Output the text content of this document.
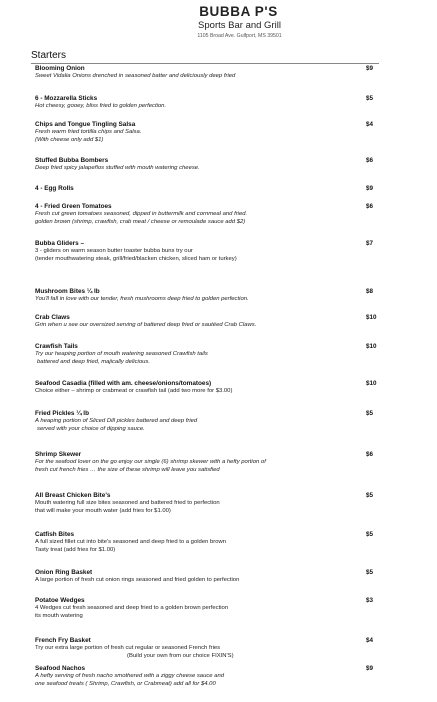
BUBBA P'S
Sports Bar and Grill
1105 Broad Ave. Gulfport, MS 39501
Starters
Blooming Onion
Sweet Vidalia Onions drenched in seasoned batter and deliciously deep fried
$9
6 - Mozzarella Sticks
Hot cheesy, gooey, bliss fried to golden perfection.
$5
Chips and Tongue Tingling Salsa
Fresh warm fried tortilla chips and Salsa.
(With cheese only add $1)
$4
Stuffed Bubba Bombers
Deep fried spicy jalapeños stuffed with mouth watering cheese.
$6
4 - Egg Rolls	$9
4 - Fried Green Tomatoes
Fresh cut green tomatoes seasoned, dipped in buttermilk and cornmeal and fried.
golden brown (shrimp, crawfish, crab meat / cheese or remoulade sauce add $2)
$6
Bubba Gliders –
3 - gliders on warm season butter toaster bubba buns try our
(tender mouthwatering steak, grill/fried/blacken chicken, sliced ham or turkey)
$7
Mushroom Bites ¼ lb
You'll fall in love with our tender, fresh mushrooms deep fried to golden perfection.
$8
Crab Claws
Grin when u see our oversized serving of battered deep fried or sautéed Crab Claws.
$10
Crawfish Tails
Try our heaping portion of mouth watering seasoned Crawfish tails
battered and deep fried, majically delicious.
$10
Seafood Casadia (filled with am. cheese/onions/tomatoes)
Choice either – shrimp or crabmeat or crawfish tail (add two more for $3.00)
$10
Fried Pickles ¼ lb
A heaping portion of Sliced Dill pickles battered and deep fried
served with your choice of dipping sauce.
$5
Shrimp Skewer
For the seafood lover on the go enjoy our single (6) shrimp skewer with a hefty portion of
fresh cut french fries … the size of these shrimp will leave you satisfied
$6
All Breast Chicken Bite's
Mouth watering full size bites seasoned and battered fried to perfection
that will make your mouth water (add fries for $1.00)
$5
Catfish Bites
A full sized fillet cut into bite's seasoned and deep fried to a golden brown
Tasty treat (add fries for $1.00)
$5
Onion Ring Basket
A large portion of fresh cut onion rings seasoned and fried golden to perfection
$5
Potatoe Wedges
4 Wedges cut fresh seasoned and deep fried to a golden brown perfection
its mouth watering
$3
French Fry Basket
Try our extra large portion of fresh cut regular or seasoned French fries
(Build your own from our choice FIXIN'S)
$4
Seafood Nachos
A hefty serving of fresh nacho smothered with a ziggy cheese sauce and
one seafood treats ( Shrimp, Crawfish, or Crabmeat) add all for $4.00
$9
